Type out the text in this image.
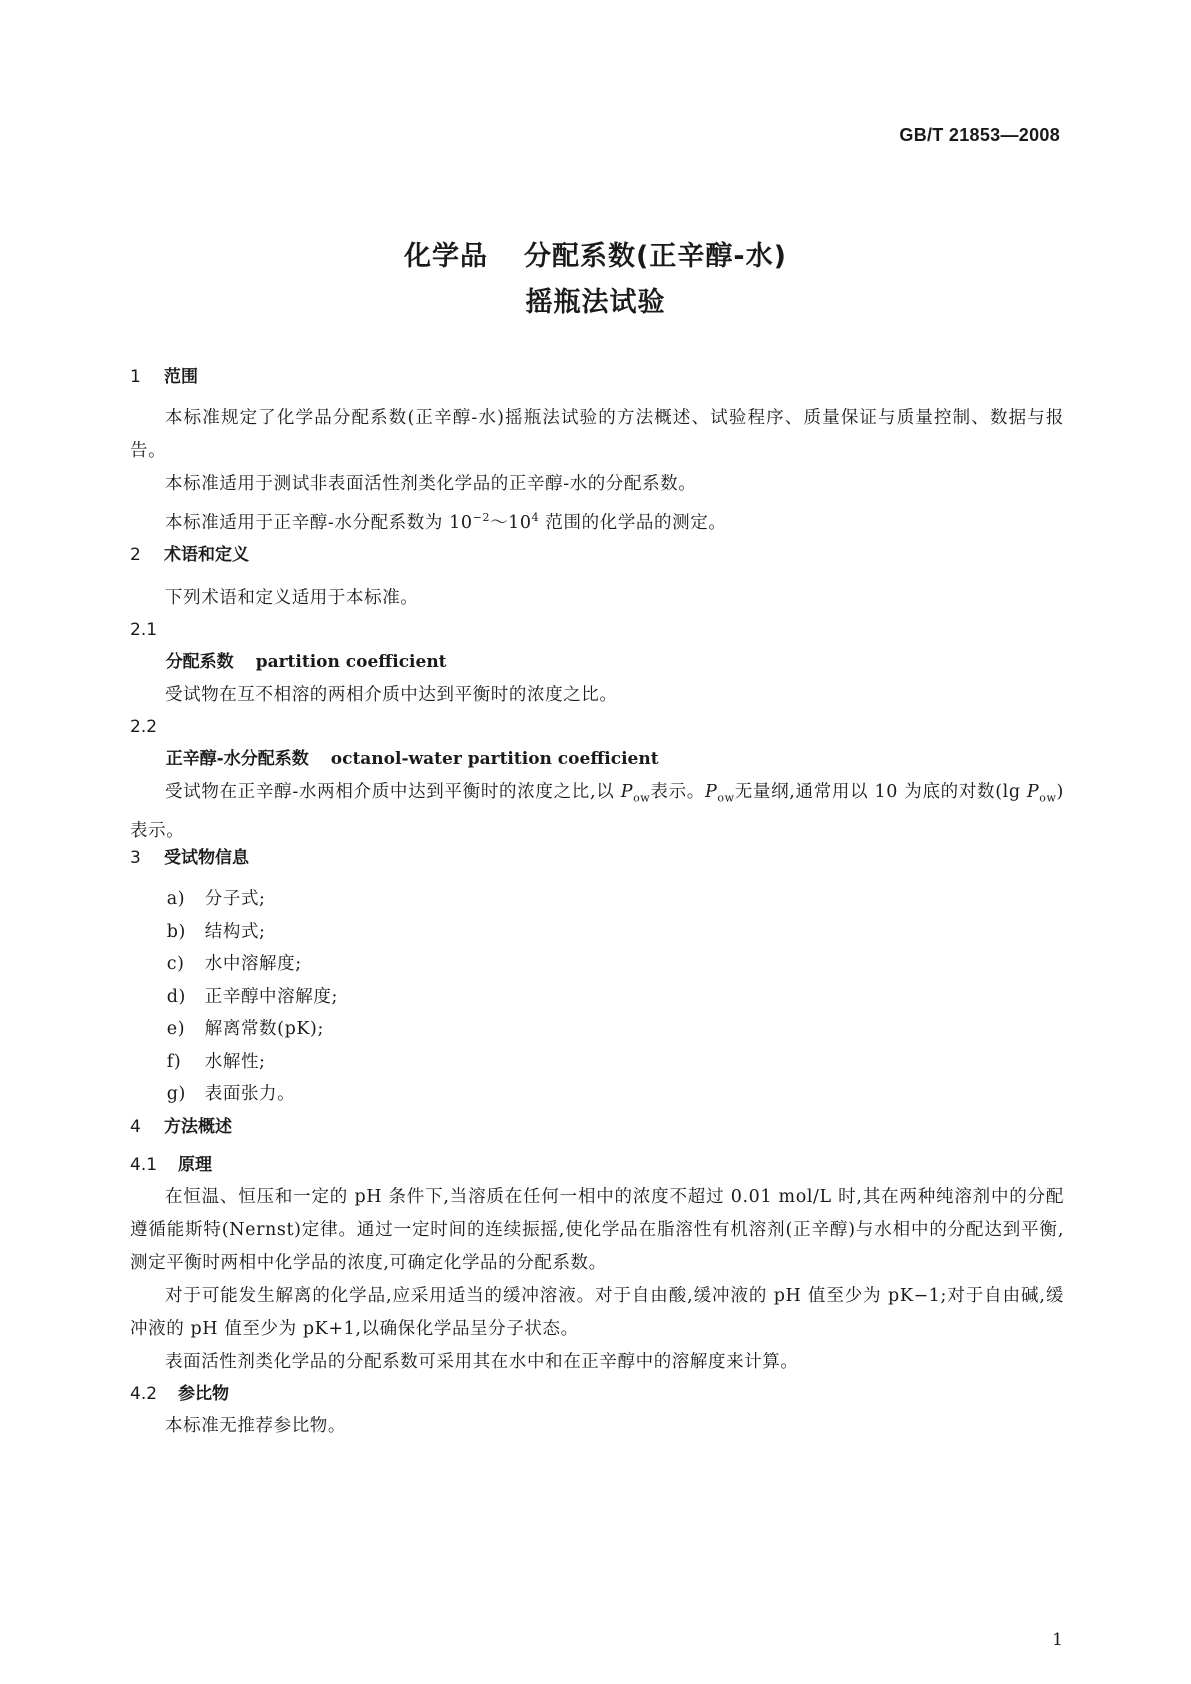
GB/T 21853—2008
化学品 分配系数(正辛醇-水)
摇瓶法试验

1 范围

本标准规定了化学品分配系数(正辛醇-水)摇瓶法试验的方法概述、试验程序、质量保证与质量控制、数据与报告。

本标准适用于测试非表面活性剂类化学品的正辛醇-水的分配系数。

本标准适用于正辛醇-水分配系数为 $10^{-2}\sim 10^4$ 范围的化学品的测定。

2 术语和定义

下列术语和定义适用于本标准。

2.1

分配系数 partition coefficient

受试物在互不相溶的两相介质中达到平衡时的浓度之比。

2.2

正辛醇-水分配系数 octanol-water partition coefficient

受试物在正辛醇-水两相介质中达到平衡时的浓度之比,以 $P_{ow}$表示。$P_{ow}$无量纲,通常用以 10 为底的对数(lg $P_{ow}$)表示。

3 受试物信息

a) 分子式;

b) 结构式;

c) 水中溶解度;

d) 正辛醇中溶解度;

e) 解离常数(pK);

f) 水解性;

g) 表面张力。

4 方法概述

4.1 原理

在恒温、恒压和一定的 pH 条件下,当溶质在任何一相中的浓度不超过 0.01 mol/L 时,其在两种纯溶剂中的分配遵循能斯特(Nernst)定律。通过一定时间的连续振摇,使化学品在脂溶性有机溶剂(正辛醇)与水相中的分配达到平衡,测定平衡时两相中化学品的浓度,可确定化学品的分配系数。

对于可能发生解离的化学品,应采用适当的缓冲溶液。对于自由酸,缓冲液的 pH 值至少为 pK−1;对于自由碱,缓冲液的 pH 值至少为 pK+1,以确保化学品呈分子状态。

表面活性剂类化学品的分配系数可采用其在水中和在正辛醇中的溶解度来计算。

4.2 参比物

本标准无推荐参比物。

1
